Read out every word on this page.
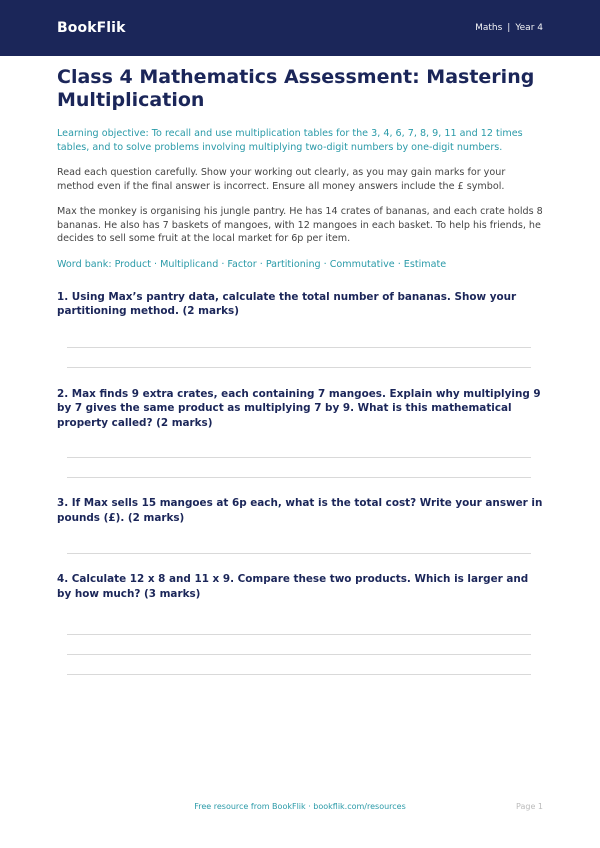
BookFlik	Maths | Year 4
Class 4 Mathematics Assessment: Mastering Multiplication

Learning objective: To recall and use multiplication tables for the 3, 4, 6, 7, 8, 9, 11 and 12 times tables, and to solve problems involving multiplying two-digit numbers by one-digit numbers.

Read each question carefully. Show your working out clearly, as you may gain marks for your method even if the final answer is incorrect. Ensure all money answers include the £ symbol.

Max the monkey is organising his jungle pantry. He has 14 crates of bananas, and each crate holds 8 bananas. He also has 7 baskets of mangoes, with 12 mangoes in each basket. To help his friends, he decides to sell some fruit at the local market for 6p per item.

Word bank: Product · Multiplicand · Factor · Partitioning · Commutative · Estimate

1. Using Max’s pantry data, calculate the total number of bananas. Show your partitioning method. (2 marks)

2. Max finds 9 extra crates, each containing 7 mangoes. Explain why multiplying 9 by 7 gives the same product as multiplying 7 by 9. What is this mathematical property called? (2 marks)

3. If Max sells 15 mangoes at 6p each, what is the total cost? Write your answer in pounds (£). (2 marks)

4. Calculate 12 x 8 and 11 x 9. Compare these two products. Which is larger and by how much? (3 marks)

Free resource from BookFlik · bookflik.com/resources	Page 1
